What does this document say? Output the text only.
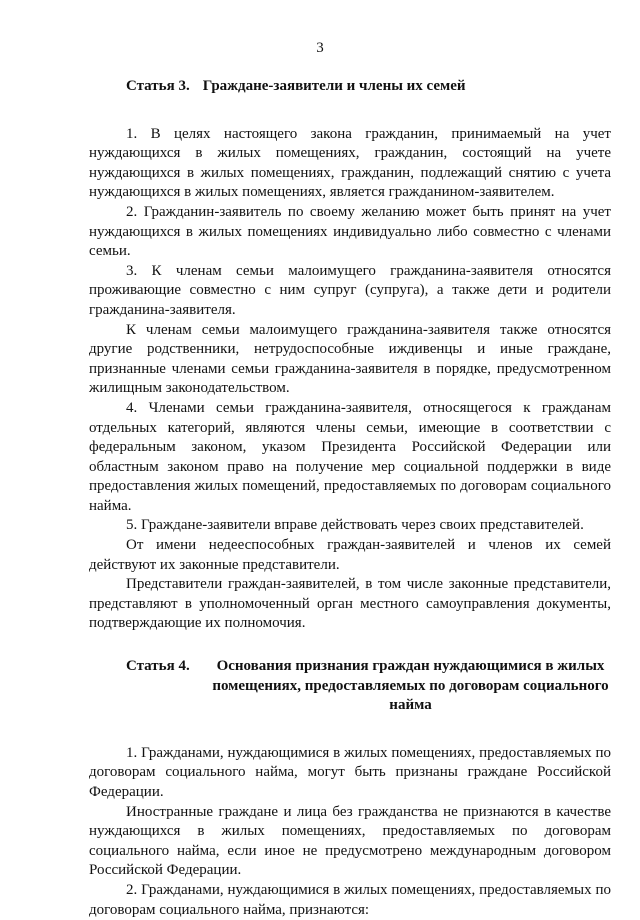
3
Статья 3. Граждане-заявители и члены их семей

1. В целях настоящего закона гражданин, принимаемый на учет нуждающихся в жилых помещениях, гражданин, состоящий на учете нуждающихся в жилых помещениях, гражданин, подлежащий снятию с учета нуждающихся в жилых помещениях, является гражданином-заявителем.

2. Гражданин-заявитель по своему желанию может быть принят на учет нуждающихся в жилых помещениях индивидуально либо совместно с членами семьи.

3. К членам семьи малоимущего гражданина-заявителя относятся проживающие совместно с ним супруг (супруга), а также дети и родители гражданина-заявителя.

К членам семьи малоимущего гражданина-заявителя также относятся другие родственники, нетрудоспособные иждивенцы и иные граждане, признанные членами семьи гражданина-заявителя в порядке, предусмотренном жилищным законодательством.

4. Членами семьи гражданина-заявителя, относящегося к гражданам отдельных категорий, являются члены семьи, имеющие в соответствии с федеральным законом, указом Президента Российской Федерации или областным законом право на получение мер социальной поддержки в виде предоставления жилых помещений, предоставляемых по договорам социального найма.

5. Граждане-заявители вправе действовать через своих представителей.

От имени недееспособных граждан-заявителей и членов их семей действуют их законные представители.

Представители граждан-заявителей, в том числе законные представители, представляют в уполномоченный орган местного самоуправления документы, подтверждающие их полномочия.

Статья 4.	Основания признания граждан нуждающимися в жилых помещениях, предоставляемых по договорам социального найма

1. Гражданами, нуждающимися в жилых помещениях, предоставляемых по договорам социального найма, могут быть признаны граждане Российской Федерации.

Иностранные граждане и лица без гражданства не признаются в качестве нуждающихся в жилых помещениях, предоставляемых по договорам социального найма, если иное не предусмотрено международным договором Российской Федерации.

2. Гражданами, нуждающимися в жилых помещениях, предоставляемых по договорам социального найма, признаются:
